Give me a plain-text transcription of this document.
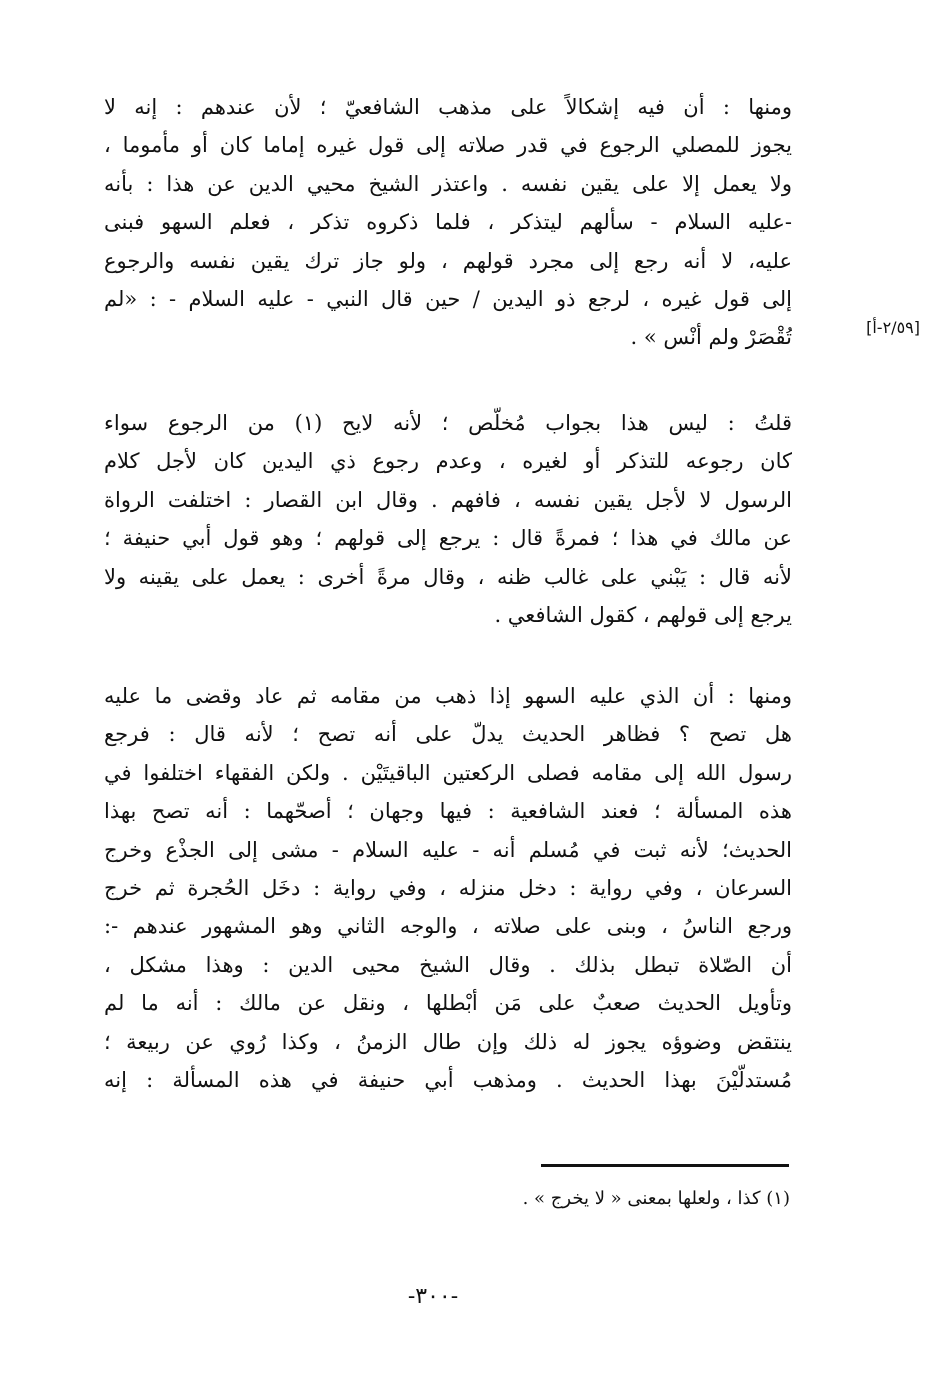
[٢/٥٩-أ]
ومنها : أن فيه إشكالاً على مذهب الشافعيّ ؛ لأن عندهم : إنه لا
يجوز للمصلي الرجوع في قدر صلاته إلى قول غيره إماما كان أو مأموما ،
ولا يعمل إلا على يقين نفسه . واعتذر الشيخ محيي الدين عن هذا : بأنه
-عليه السلام - سألهم ليتذكر ، فلما ذكروه تذكر ، فعلم السهو فبنى
عليه، لا أنه رجع إلى مجرد قولهم ، ولو جاز ترك يقين نفسه والرجوع
إلى قول غيره ، لرجع ذو اليدين / حين قال النبي - عليه السلام - : «لم
تُقْصَرْ ولم أنْس » .
قلتُ : ليس هذا بجواب مُخلّص ؛ لأنه لايح (١) من الرجوع سواء
كان رجوعه للتذكر أو لغيره ، وعدم رجوع ذي اليدين كان لأجل كلام
الرسول لا لأجل يقين نفسه ، فافهم . وقال ابن القصار : اختلفت الرواة
عن مالك في هذا ؛ فمرةً قال : يرجع إلى قولهم ؛ وهو قول أبي حنيفة ؛
لأنه قال : يَبْني على غالب ظنه ، وقال مرةً أخرى : يعمل على يقينه ولا
يرجع إلى قولهم ، كقول الشافعي .
ومنها : أن الذي عليه السهو إذا ذهب من مقامه ثم عاد وقضى ما عليه
هل تصح ؟ فظاهر الحديث يدلّ على أنه تصح ؛ لأنه قال : فرجع
رسول الله إلى مقامه فصلى الركعتين الباقيتَيْن . ولكن الفقهاء اختلفوا في
هذه المسألة ؛ فعند الشافعية : فيها وجهان ؛ أصحّهما : أنه تصح بهذا
الحديث؛ لأنه ثبت في مُسلم أنه - عليه السلام - مشى إلى الجذْع وخرج
السرعان ، وفي رواية : دخل منزله ، وفي رواية : دخَل الحُجرة ثم خرج
ورجع الناسُ ، وبنى على صلاته ، والوجه الثاني وهو المشهور عندهم -:
أن الصّلاة تبطل بذلك . وقال الشيخ محيى الدين : وهذا مشكل ،
وتأويل الحديث صعبٌ على مَن أبْطلها ، ونقل عن مالك : أنه ما لم
ينتقض وضوؤه يجوز له ذلك وإن طال الزمنُ ، وكذا رُوي عن ربيعة ؛
مُستدلّيْنَ بهذا الحديث . ومذهب أبي حنيفة في هذه المسألة : إنه
(١) كذا ، ولعلها بمعنى « لا يخرج » .
-٣٠٠-
